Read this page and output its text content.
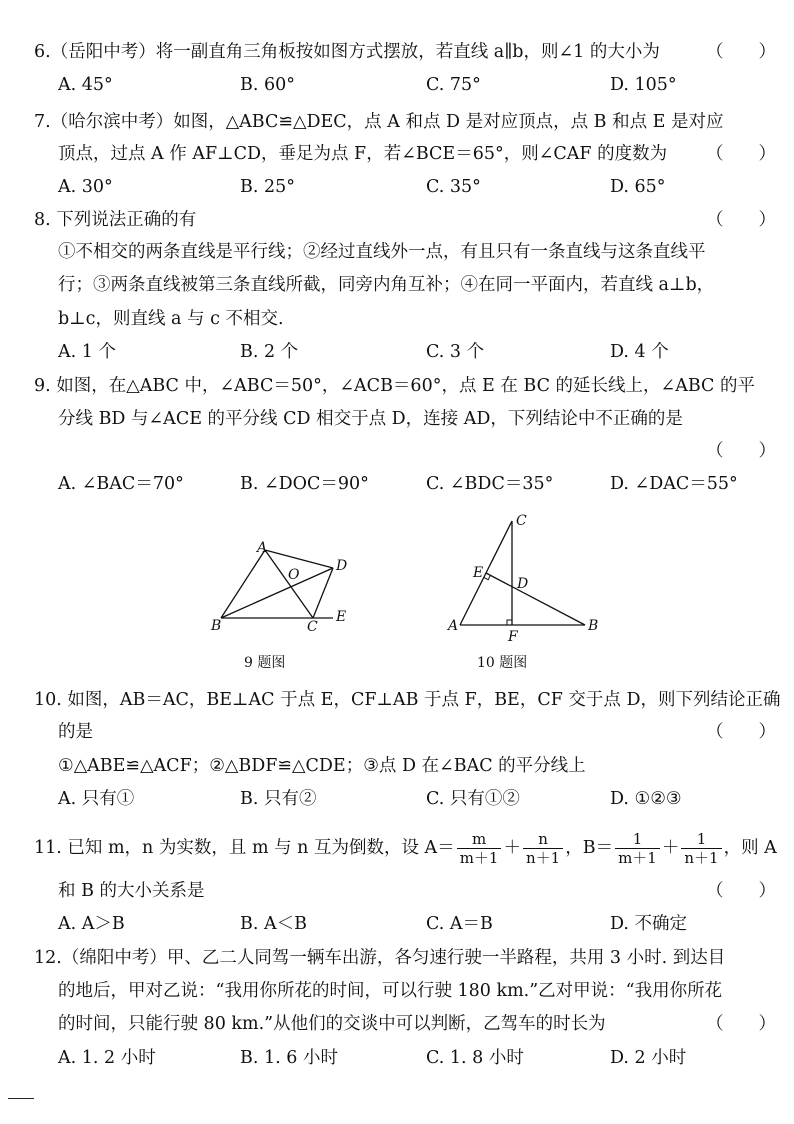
6.（岳阳中考）将一副直角三角板按如图方式摆放，若直线 a∥b，则∠1 的大小为	（　　）
A. 45°	B. 60°	C. 75°	D. 105°
7.（哈尔滨中考）如图，△ABC≌△DEC，点 A 和点 D 是对应顶点，点 B 和点 E 是对应
顶点，过点 A 作 AF⊥CD，垂足为点 F，若∠BCE＝65°，则∠CAF 的度数为 （　　）
A. 30°	B. 25°	C. 35°	D. 65°
8. 下列说法正确的有	（　　）
①不相交的两条直线是平行线；②经过直线外一点，有且只有一条直线与这条直线平
行；③两条直线被第三条直线所截，同旁内角互补；④在同一平面内，若直线 a⊥b，
b⊥c，则直线 a 与 c 不相交.
A. 1 个	B. 2 个	C. 3 个	D. 4 个
9. 如图，在△ABC 中，∠ABC＝50°，∠ACB＝60°，点 E 在 BC 的延长线上，∠ABC 的平
分线 BD 与∠ACE 的平分线 CD 相交于点 D，连接 AD，下列结论中不正确的是
（　　）
A. ∠BAC＝70°	B. ∠DOC＝90°	C. ∠BDC＝35°	D. ∠DAC＝55°
A
B	C
D
E
O
9 题图
C
E
D
A	B
F
10 题图
10. 如图，AB＝AC，BE⊥AC 于点 E，CF⊥AB 于点 F，BE，CF 交于点 D，则下列结论正确
的是	（　　）
①△ABE≌△ACF；②△BDF≌△CDE；③点 D 在∠BAC 的平分线上
A. 只有①	B. 只有②	C. 只有①②	D. ①②③
11. 已知 m，n 为实数，且 m 与 n 互为倒数，设 $A= \frac{m}{m+1} + \frac{n}{n+1}$ ，$B= \frac{1}{m+1} + \frac{1}{n+1}$ ，则 A
和 B 的大小关系是	（　　）
A. A＞B	B. A＜B	C. A＝B	D. 不确定
12.（绵阳中考）甲、乙二人同驾一辆车出游，各匀速行驶一半路程，共用 3 小时. 到达目
的地后，甲对乙说：“我用你所花的时间，可以行驶 180 km.”乙对甲说：“我用你所花
的时间，只能行驶 80 km.”从他们的交谈中可以判断，乙驾车的时长为	（　　）
A. 1. 2 小时	B. 1. 6 小时	C. 1. 8 小时	D. 2 小时
